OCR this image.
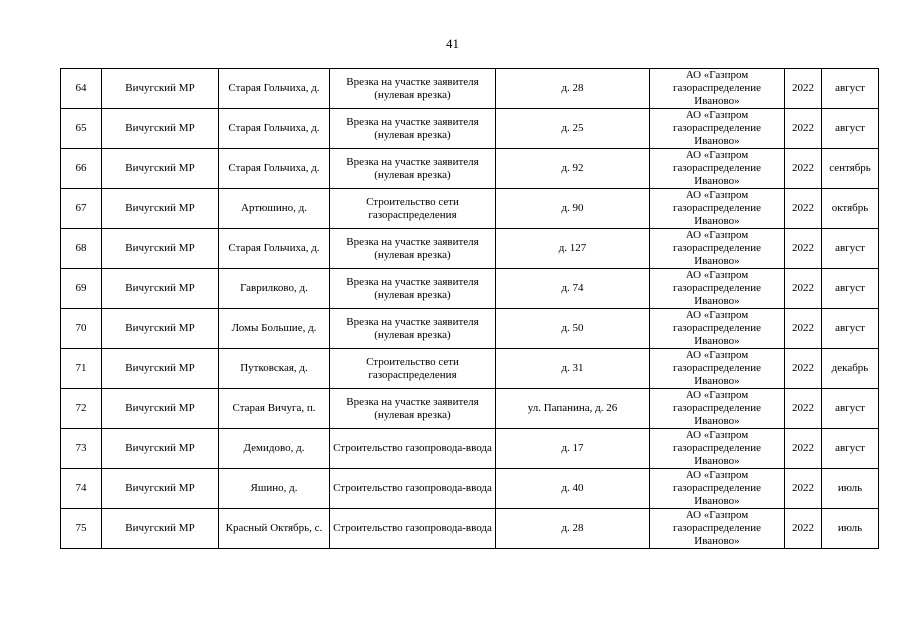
41
64	Вичугский МР	Старая Гольчиха, д.	Врезка на участке заявителя (нулевая врезка)	д. 28	АО «Газпром газораспределение Иваново»	2022	август
65	Вичугский МР	Старая Гольчиха, д.	Врезка на участке заявителя (нулевая врезка)	д. 25	АО «Газпром газораспределение Иваново»	2022	август
66	Вичугский МР	Старая Гольчиха, д.	Врезка на участке заявителя (нулевая врезка)	д. 92	АО «Газпром газораспределение Иваново»	2022	сентябрь
67	Вичугский МР	Артюшино, д.	Строительство сети газораспределения	д. 90	АО «Газпром газораспределение Иваново»	2022	октябрь
68	Вичугский МР	Старая Гольчиха, д.	Врезка на участке заявителя (нулевая врезка)	д. 127	АО «Газпром газораспределение Иваново»	2022	август
69	Вичугский МР	Гаврилково, д.	Врезка на участке заявителя (нулевая врезка)	д. 74	АО «Газпром газораспределение Иваново»	2022	август
70	Вичугский МР	Ломы Большие, д.	Врезка на участке заявителя (нулевая врезка)	д. 50	АО «Газпром газораспределение Иваново»	2022	август
71	Вичугский МР	Путковская, д.	Строительство сети газораспределения	д. 31	АО «Газпром газораспределение Иваново»	2022	декабрь
72	Вичугский МР	Старая Вичуга, п.	Врезка на участке заявителя (нулевая врезка)	ул. Папанина, д. 26	АО «Газпром газораспределение Иваново»	2022	август
73	Вичугский МР	Демидово, д.	Строительство газопровода-ввода	д. 17	АО «Газпром газораспределение Иваново»	2022	август
74	Вичугский МР	Яшино, д.	Строительство газопровода-ввода	д. 40	АО «Газпром газораспределение Иваново»	2022	июль
75	Вичугский МР	Красный Октябрь, с.	Строительство газопровода-ввода	д. 28	АО «Газпром газораспределение Иваново»	2022	июль
